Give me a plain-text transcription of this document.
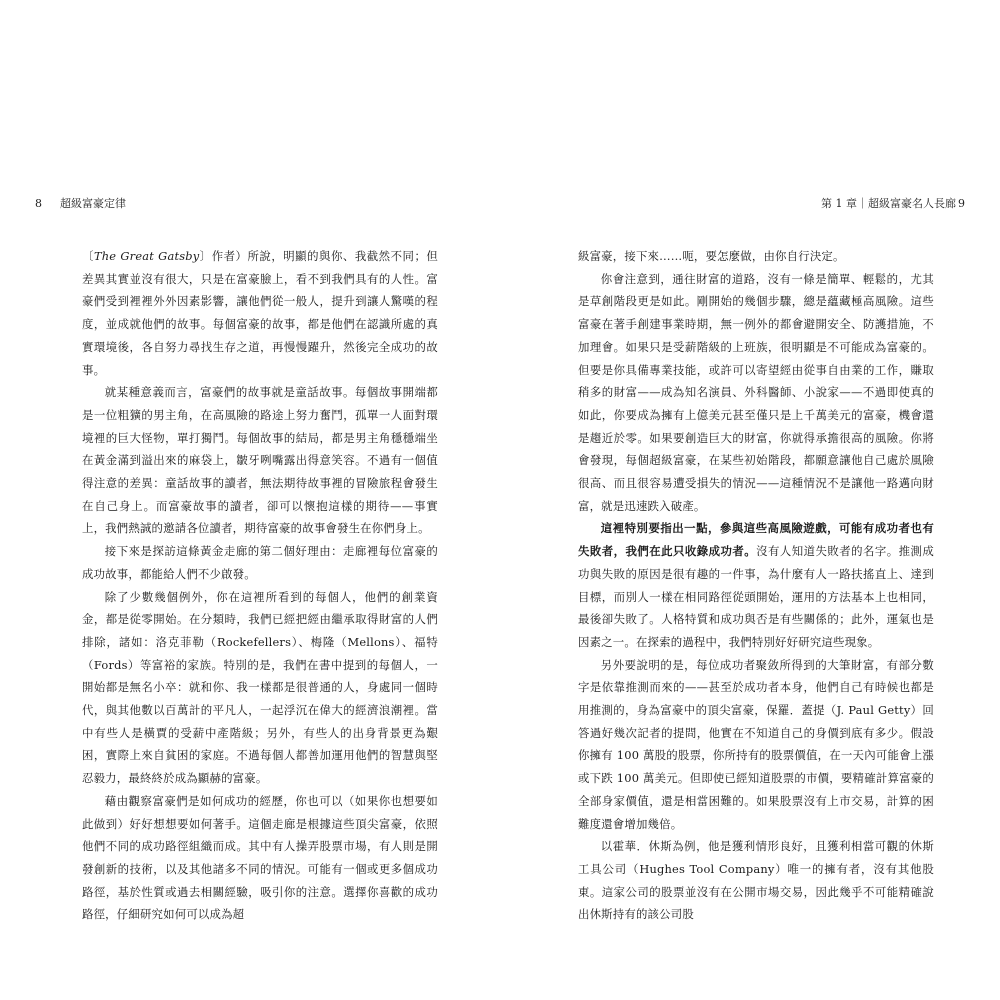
8 超級富豪定律

〔The Great Gatsby〕作者）所說，明顯的與你、我截然不同；但差異其實並沒有很大，只是在富豪臉上，看不到我們具有的人性。富豪們受到裡裡外外因素影響，讓他們從一般人，提升到讓人驚嘆的程度，並成就他們的故事。每個富豪的故事，都是他們在認識所處的真實環境後，各自努力尋找生存之道，再慢慢躍升，然後完全成功的故事。

就某種意義而言，富豪們的故事就是童話故事。每個故事開端都是一位粗獷的男主角，在高風險的路途上努力奮鬥，孤單一人面對環境裡的巨大怪物，單打獨鬥。每個故事的結局，都是男主角穩穩端坐在黃金滿到溢出來的麻袋上，皺牙咧嘴露出得意笑容。不過有一個值得注意的差異：童話故事的讀者，無法期待故事裡的冒險旅程會發生在自己身上。而富豪故事的讀者，卻可以懷抱這樣的期待——事實上，我們熱誠的邀請各位讀者，期待富豪的故事會發生在你們身上。

接下來是探訪這條黃金走廊的第二個好理由：走廊裡每位富豪的成功故事，都能給人們不少啟發。

除了少數幾個例外，你在這裡所看到的每個人，他們的創業資金，都是從零開始。在分類時，我們已經把經由繼承取得財富的人們排除，諸如：洛克菲勒（Rockefellers）、梅隆（Mellons）、福特（Fords）等富裕的家族。特別的是，我們在書中提到的每個人，一開始都是無名小卒：就和你、我一樣都是很普通的人，身處同一個時代，與其他數以百萬計的平凡人，一起浮沉在偉大的經濟浪潮裡。當中有些人是橫賈的受薪中產階級；另外，有些人的出身背景更為艱困，實際上來自貧困的家庭。不過每個人都善加運用他們的智慧與堅忍毅力，最終終於成為顯赫的富豪。

藉由觀察富豪們是如何成功的經歷，你也可以（如果你也想要如此做到）好好想想要如何著手。這個走廊是根據這些頂尖富豪，依照他們不同的成功路徑組織而成。其中有人操弄股票市場，有人則是開發創新的技術，以及其他諸多不同的情況。可能有一個或更多個成功路徑，基於性質或過去相關經驗，吸引你的注意。選擇你喜歡的成功路徑，仔細研究如何可以成為超

第 1 章｜超級富豪名人長廊 9

級富豪，接下來……呃，要怎麼做，由你自行決定。

你會注意到，通往財富的道路，沒有一條是簡單、輕鬆的，尤其是草創階段更是如此。剛開始的幾個步驟，總是蘊藏極高風險。這些富豪在著手創建事業時期，無一例外的都會避開安全、防護措施，不加理會。如果只是受薪階級的上班族，很明顯是不可能成為富豪的。但要是你具備專業技能，或許可以寄望經由從事自由業的工作，賺取稍多的財富——成為知名演員、外科醫師、小說家——不過即使真的如此，你要成為擁有上億美元甚至僅只是上千萬美元的富豪，機會還是趨近於零。如果要創造巨大的財富，你就得承擔很高的風險。你將會發現，每個超級富豪，在某些初始階段，都願意讓他自己處於風險很高、而且很容易遭受損失的情況——這種情況不是讓他一路邁向財富，就是迅速跌入破產。

這裡特別要指出一點，參與這些高風險遊戲，可能有成功者也有失敗者，我們在此只收錄成功者。沒有人知道失敗者的名字。推測成功與失敗的原因是很有趣的一件事，為什麼有人一路扶搖直上、達到目標，而別人一樣在相同路徑從頭開始，運用的方法基本上也相同，最後卻失敗了。人格特質和成功與否是有些關係的；此外，運氣也是因素之一。在探索的過程中，我們特別好好研究這些現象。

另外要說明的是，每位成功者聚敛所得到的大筆財富，有部分數字是依靠推測而來的——甚至於成功者本身，他們自己有時候也都是用推測的，身為富豪中的頂尖富豪，保羅．蓋提（J. Paul Getty）回答過好幾次記者的提問，他實在不知道自己的身價到底有多少。假設你擁有 100 萬股的股票，你所持有的股票價值，在一天內可能會上漲或下跌 100 萬美元。但即使已經知道股票的市價，要精確計算富豪的全部身家價值，還是相當困難的。如果股票沒有上市交易，計算的困難度還會增加幾倍。

以霍華．休斯為例，他是獲利情形良好，且獲利相當可觀的休斯工具公司（Hughes Tool Company）唯一的擁有者，沒有其他股東。這家公司的股票並沒有在公開市場交易，因此幾乎不可能精確說出休斯持有的該公司股
